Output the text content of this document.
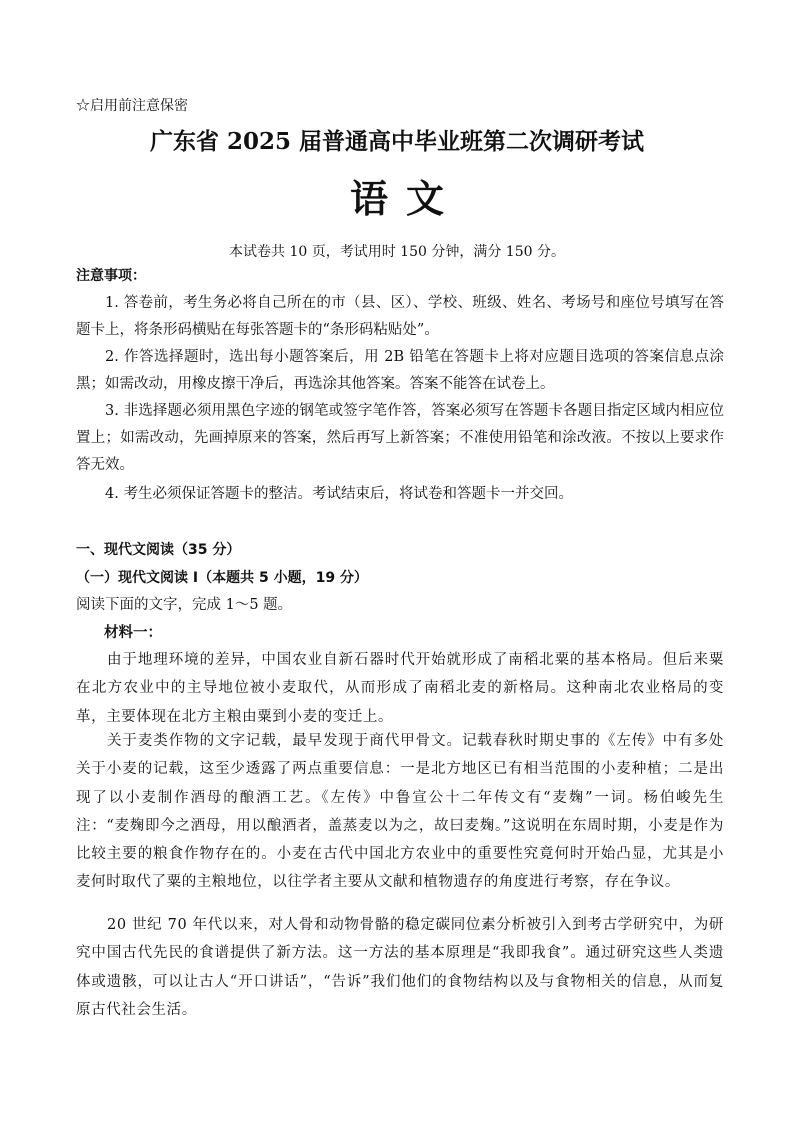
☆启用前注意保密
广东省 2025 届普通高中毕业班第二次调研考试
语文
本试卷共 10 页，考试用时 150 分钟，满分 150 分。
注意事项：
1. 答卷前，考生务必将自己所在的市（县、区）、学校、班级、姓名、考场号和座位号填写在答题卡上，将条形码横贴在每张答题卡的“条形码粘贴处”。
2. 作答选择题时，选出每小题答案后，用 2B 铅笔在答题卡上将对应题目选项的答案信息点涂黑；如需改动，用橡皮擦干净后，再选涂其他答案。答案不能答在试卷上。
3. 非选择题必须用黑色字迹的钢笔或签字笔作答，答案必须写在答题卡各题目指定区域内相应位置上；如需改动，先画掉原来的答案，然后再写上新答案；不准使用铅笔和涂改液。不按以上要求作答无效。
4. 考生必须保证答题卡的整洁。考试结束后，将试卷和答题卡一并交回。
一、现代文阅读（35 分）
（一）现代文阅读 I（本题共 5 小题，19 分）
阅读下面的文字，完成 1～5 题。
材料一：
由于地理环境的差异，中国农业自新石器时代开始就形成了南稻北粟的基本格局。但后来粟在北方农业中的主导地位被小麦取代，从而形成了南稻北麦的新格局。这种南北农业格局的变革，主要体现在北方主粮由粟到小麦的变迁上。
关于麦类作物的文字记载，最早发现于商代甲骨文。记载春秋时期史事的《左传》中有多处关于小麦的记载，这至少透露了两点重要信息：一是北方地区已有相当范围的小麦种植；二是出现了以小麦制作酒母的酿酒工艺。《左传》中鲁宣公十二年传文有“麦麹”一词。杨伯峻先生注：“麦麹即今之酒母，用以酿酒者，盖蒸麦以为之，故曰麦麹。”这说明在东周时期，小麦是作为比较主要的粮食作物存在的。小麦在古代中国北方农业中的重要性究竟何时开始凸显，尤其是小麦何时取代了粟的主粮地位，以往学者主要从文献和植物遗存的角度进行考察，存在争议。
20 世纪 70 年代以来，对人骨和动物骨骼的稳定碳同位素分析被引入到考古学研究中，为研究中国古代先民的食谱提供了新方法。这一方法的基本原理是“我即我食”。通过研究这些人类遗体或遗骸，可以让古人“开口讲话”，“告诉”我们他们的食物结构以及与食物相关的信息，从而复原古代社会生活。
